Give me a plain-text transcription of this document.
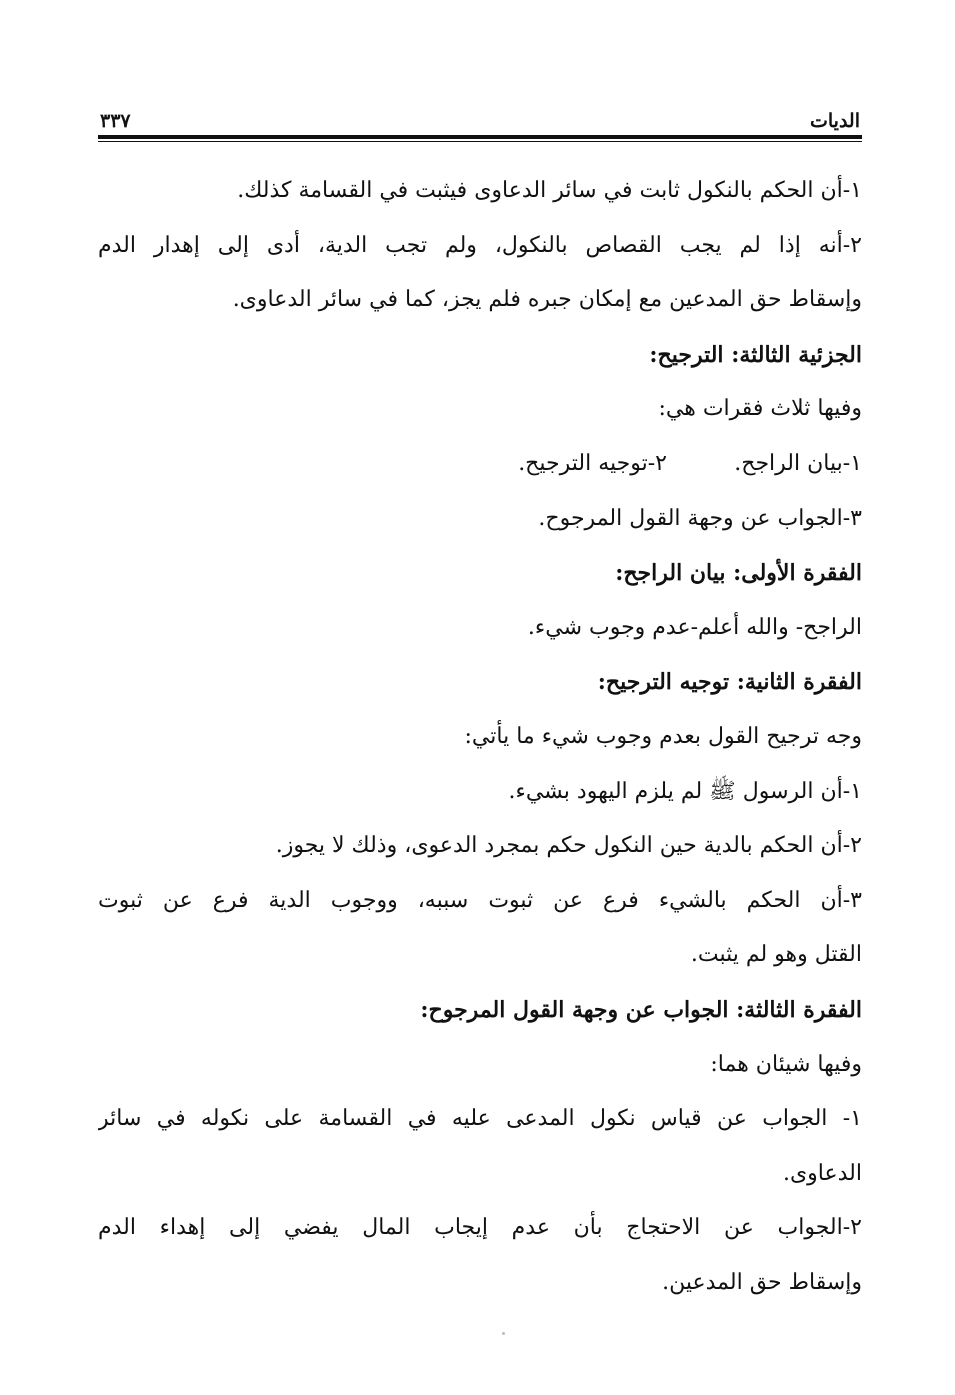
الديات
٣٣٧
١-أن الحكم بالنكول ثابت في سائر الدعاوى فيثبت في القسامة كذلك.
٢-أنه إذا لم يجب القصاص بالنكول، ولم تجب الدية، أدى إلى إهدار الدم
وإسقاط حق المدعين مع إمكان جبره فلم يجز، كما في سائر الدعاوى.
الجزئية الثالثة: الترجيح:
وفيها ثلاث فقرات هي:
١-بيان الراجح.
٢-توجيه الترجيح.
٣-الجواب عن وجهة القول المرجوح.
الفقرة الأولى: بيان الراجح:
الراجح- والله أعلم-عدم وجوب شيء.
الفقرة الثانية: توجيه الترجيح:
وجه ترجيح القول بعدم وجوب شيء ما يأتي:
١-أن الرسول ﷺ لم يلزم اليهود بشيء.
٢-أن الحكم بالدية حين النكول حكم بمجرد الدعوى، وذلك لا يجوز.
٣-أن الحكم بالشيء فرع عن ثبوت سببه، ووجوب الدية فرع عن ثبوت
القتل وهو لم يثبت.
الفقرة الثالثة: الجواب عن وجهة القول المرجوح:
وفيها شيئان هما:
١- الجواب عن قياس نكول المدعى عليه في القسامة على نكوله في سائر
الدعاوى.
٢-الجواب عن الاحتجاج بأن عدم إيجاب المال يفضي إلى إهداء الدم
وإسقاط حق المدعين.
